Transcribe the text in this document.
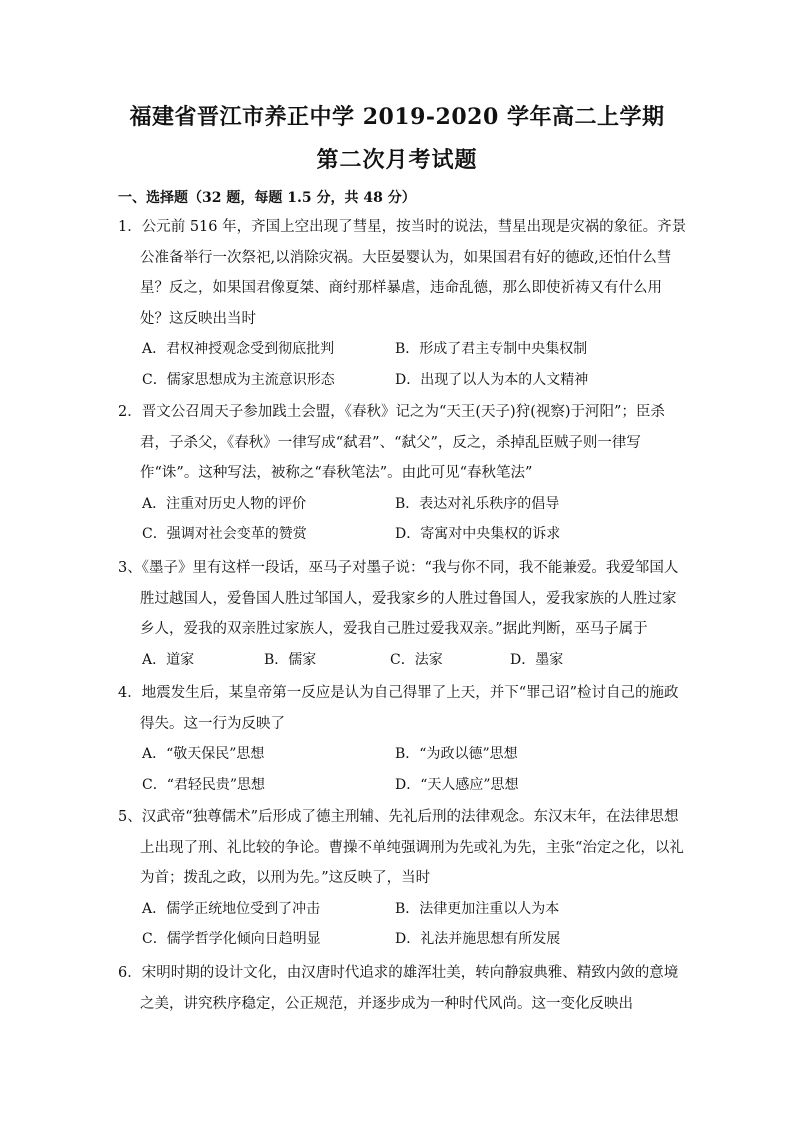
福建省晋江市养正中学 2019-2020 学年高二上学期
第二次月考试题
一、选择题（32 题，每题 1.5 分，共 48 分）

1．公元前 516 年，齐国上空出现了彗星，按当时的说法，彗星出现是灾祸的象征。齐景公准备举行一次祭祀,以消除灾祸。大臣晏婴认为，如果国君有好的德政,还怕什么彗星？反之，如果国君像夏桀、商纣那样暴虐，违命乱德，那么即使祈祷又有什么用处？这反映出当时

A．君权神授观念受到彻底批判	B．形成了君主专制中央集权制
C．儒家思想成为主流意识形态	D．出现了以人为本的人文精神

2．晋文公召周天子参加践土会盟，《春秋》记之为“天王(天子)狩(视察)于河阳”；臣杀君，子杀父，《春秋》一律写成“弑君”、“弑父”，反之，杀掉乱臣贼子则一律写作“诛”。这种写法，被称之“春秋笔法”。由此可见“春秋笔法”

A．注重对历史人物的评价	B．表达对礼乐秩序的倡导
C．强调对社会变革的赞赏	D．寄寓对中央集权的诉求

3、《墨子》里有这样一段话，巫马子对墨子说：“我与你不同，我不能兼爱。我爱邹国人胜过越国人，爱鲁国人胜过邹国人，爱我家乡的人胜过鲁国人，爱我家族的人胜过家乡人，爱我的双亲胜过家族人，爱我自己胜过爱我双亲。”据此判断，巫马子属于

A．道家	B．儒家	C．法家	D．墨家

4．地震发生后，某皇帝第一反应是认为自己得罪了上天，并下“罪己诏”检讨自己的施政得失。这一行为反映了

A．“敬天保民”思想	B．“为政以德”思想
C．“君轻民贵”思想	D．“天人感应”思想

5、汉武帝“独尊儒术”后形成了德主刑辅、先礼后刑的法律观念。东汉末年，在法律思想上出现了刑、礼比较的争论。曹操不单纯强调刑为先或礼为先，主张“治定之化，以礼为首；拨乱之政，以刑为先。”这反映了，当时

A．儒学正统地位受到了冲击	B．法律更加注重以人为本
C．儒学哲学化倾向日趋明显	D．礼法并施思想有所发展

6．宋明时期的设计文化，由汉唐时代追求的雄浑壮美，转向静寂典雅、精致内敛的意境之美，讲究秩序稳定，公正规范，并逐步成为一种时代风尚。这一变化反映出
